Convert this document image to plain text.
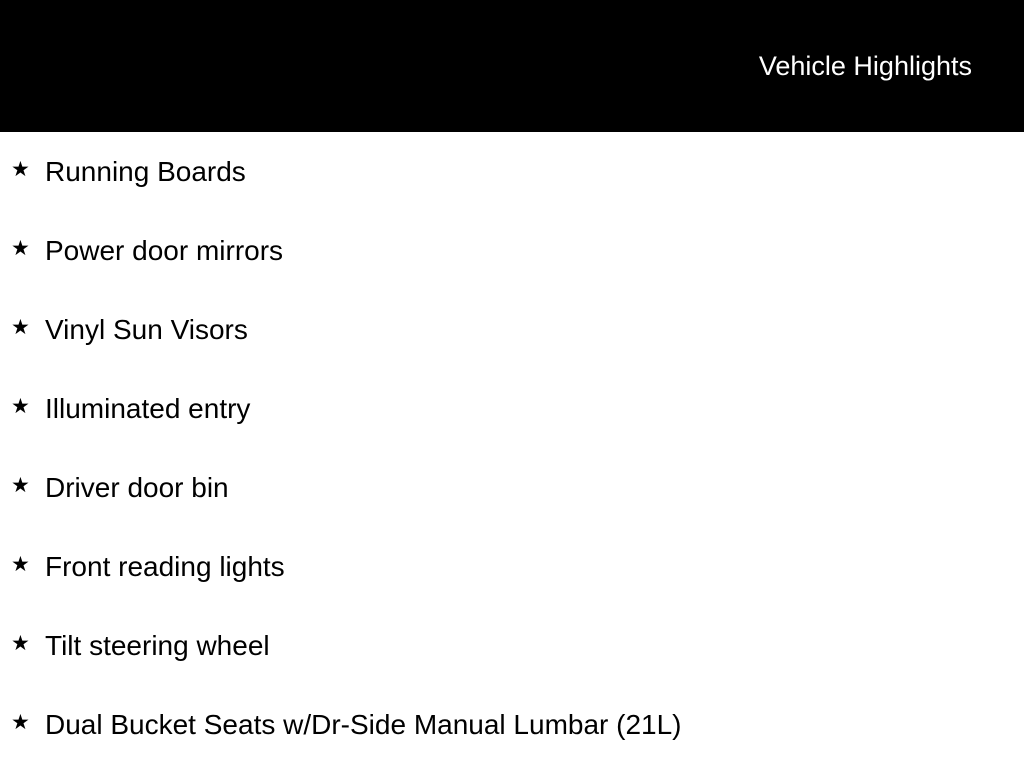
Vehicle Highlights
★ Running Boards
★ Power door mirrors
★ Vinyl Sun Visors
★ Illuminated entry
★ Driver door bin
★ Front reading lights
★ Tilt steering wheel
★ Dual Bucket Seats w/Dr-Side Manual Lumbar (21L)
